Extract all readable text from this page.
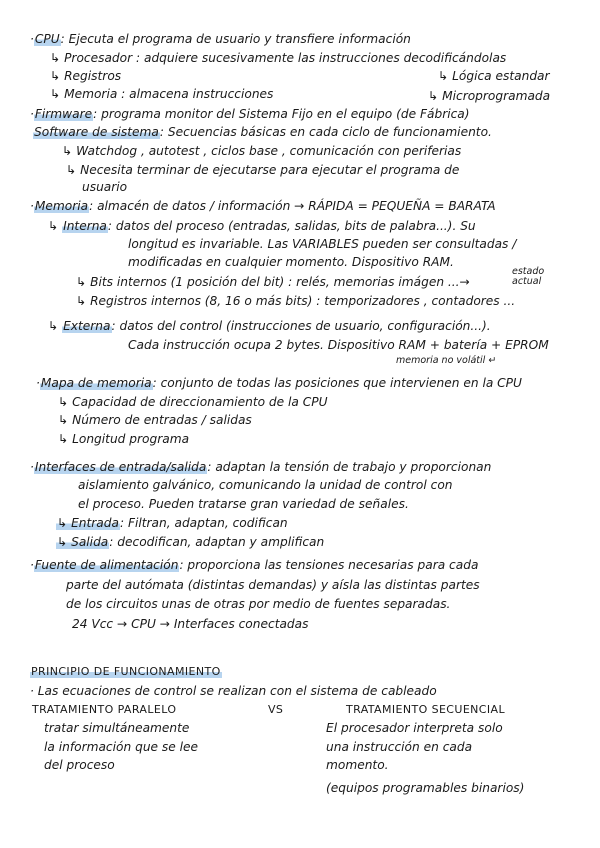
·CPU: Ejecuta el programa de usuario y transfiere información
↳ Procesador : adquiere sucesivamente las instrucciones decodificándolas
↳ Registros	↳ Lógica estandar
↳ Memoria : almacena instrucciones	↳ Microprogramada
·Firmware: programa monitor del Sistema Fijo en el equipo (de Fábrica)
Software de sistema: Secuencias básicas en cada ciclo de funcionamiento.
↳ Watchdog , autotest , ciclos base , comunicación con periferias
↳ Necesita terminar de ejecutarse para ejecutar el programa de
usuario
·Memoria: almacén de datos / información → RÁPIDA = PEQUEÑA = BARATA
↳ Interna: datos del proceso (entradas, salidas, bits de palabra...). Su
longitud es invariable. Las VARIABLES pueden ser consultadas /
modificadas en cualquier momento. Dispositivo RAM.
↳ Bits internos (1 posición del bit) : relés, memorias imágen ...→
estado
actual
↳ Registros internos (8, 16 o más bits) : temporizadores , contadores ...
↳ Externa: datos del control (instrucciones de usuario, configuración...).
Cada instrucción ocupa 2 bytes. Dispositivo RAM + batería + EPROM
memoria no volátil ↵
·Mapa de memoria: conjunto de todas las posiciones que intervienen en la CPU
↳ Capacidad de direccionamiento de la CPU
↳ Número de entradas / salidas
↳ Longitud programa
·Interfaces de entrada/salida: adaptan la tensión de trabajo y proporcionan
aislamiento galvánico, comunicando la unidad de control con
el proceso. Pueden tratarse gran variedad de señales.
↳ Entrada: Filtran, adaptan, codifican
↳ Salida: decodifican, adaptan y amplifican
·Fuente de alimentación: proporciona las tensiones necesarias para cada
parte del autómata (distintas demandas) y aísla las distintas partes
de los circuitos unas de otras por medio de fuentes separadas.
24 Vcc → CPU → Interfaces conectadas
PRINCIPIO DE FUNCIONAMIENTO
· Las ecuaciones de control se realizan con el sistema de cableado
TRATAMIENTO PARALELO	VS	TRATAMIENTO SECUENCIAL
tratar simultáneamente
la información que se lee
del proceso
El procesador interpreta solo
una instrucción en cada
momento.
(equipos programables binarios)
